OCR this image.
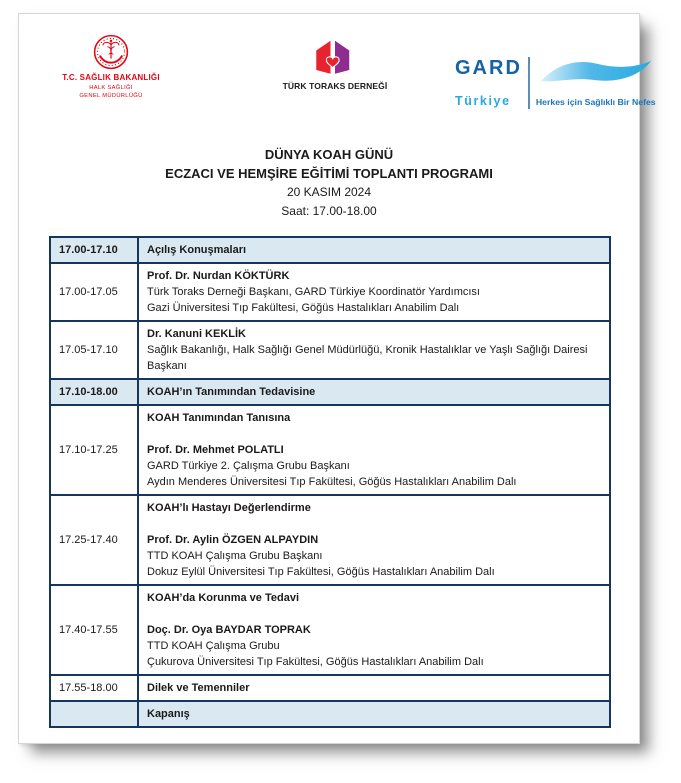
T.C. SAĞLIK BAKANLIĞI
HALK SAĞLIĞI
GENEL MÜDÜRLÜĞÜ
TÜRK TORAKS DERNEĞİ
GARD
Türkiye	Herkes için Sağlıklı Bir Nefes
DÜNYA KOAH GÜNÜ
ECZACI VE HEMŞİRE EĞİTİMİ TOPLANTI PROGRAMI
20 KASIM 2024
Saat: 17.00-18.00
17.00-17.10	Açılış Konuşmaları

17.00-17.05	Prof. Dr. Nurdan KÖKTÜRK
Türk Toraks Derneği Başkanı, GARD Türkiye Koordinatör Yardımcısı
Gazi Üniversitesi Tıp Fakültesi, Göğüs Hastalıkları Anabilim Dalı

17.05-17.10	Dr. Kanuni KEKLİK
Sağlık Bakanlığı, Halk Sağlığı Genel Müdürlüğü, Kronik Hastalıklar ve Yaşlı Sağlığı Dairesi Başkanı

17.10-18.00	KOAH’ın Tanımından Tedavisine

17.10-17.25	KOAH Tanımından Tanısına

Prof. Dr. Mehmet POLATLI
GARD Türkiye 2. Çalışma Grubu Başkanı
Aydın Menderes Üniversitesi Tıp Fakültesi, Göğüs Hastalıkları Anabilim Dalı

17.25-17.40	KOAH’lı Hastayı Değerlendirme

Prof. Dr. Aylin ÖZGEN ALPAYDIN
TTD KOAH Çalışma Grubu Başkanı
Dokuz Eylül Üniversitesi Tıp Fakültesi, Göğüs Hastalıkları Anabilim Dalı

17.40-17.55	KOAH’da Korunma ve Tedavi

Doç. Dr. Oya BAYDAR TOPRAK
TTD KOAH Çalışma Grubu
Çukurova Üniversitesi Tıp Fakültesi, Göğüs Hastalıkları Anabilim Dalı

17.55-18.00	Dilek ve Temenniler

	Kapanış
